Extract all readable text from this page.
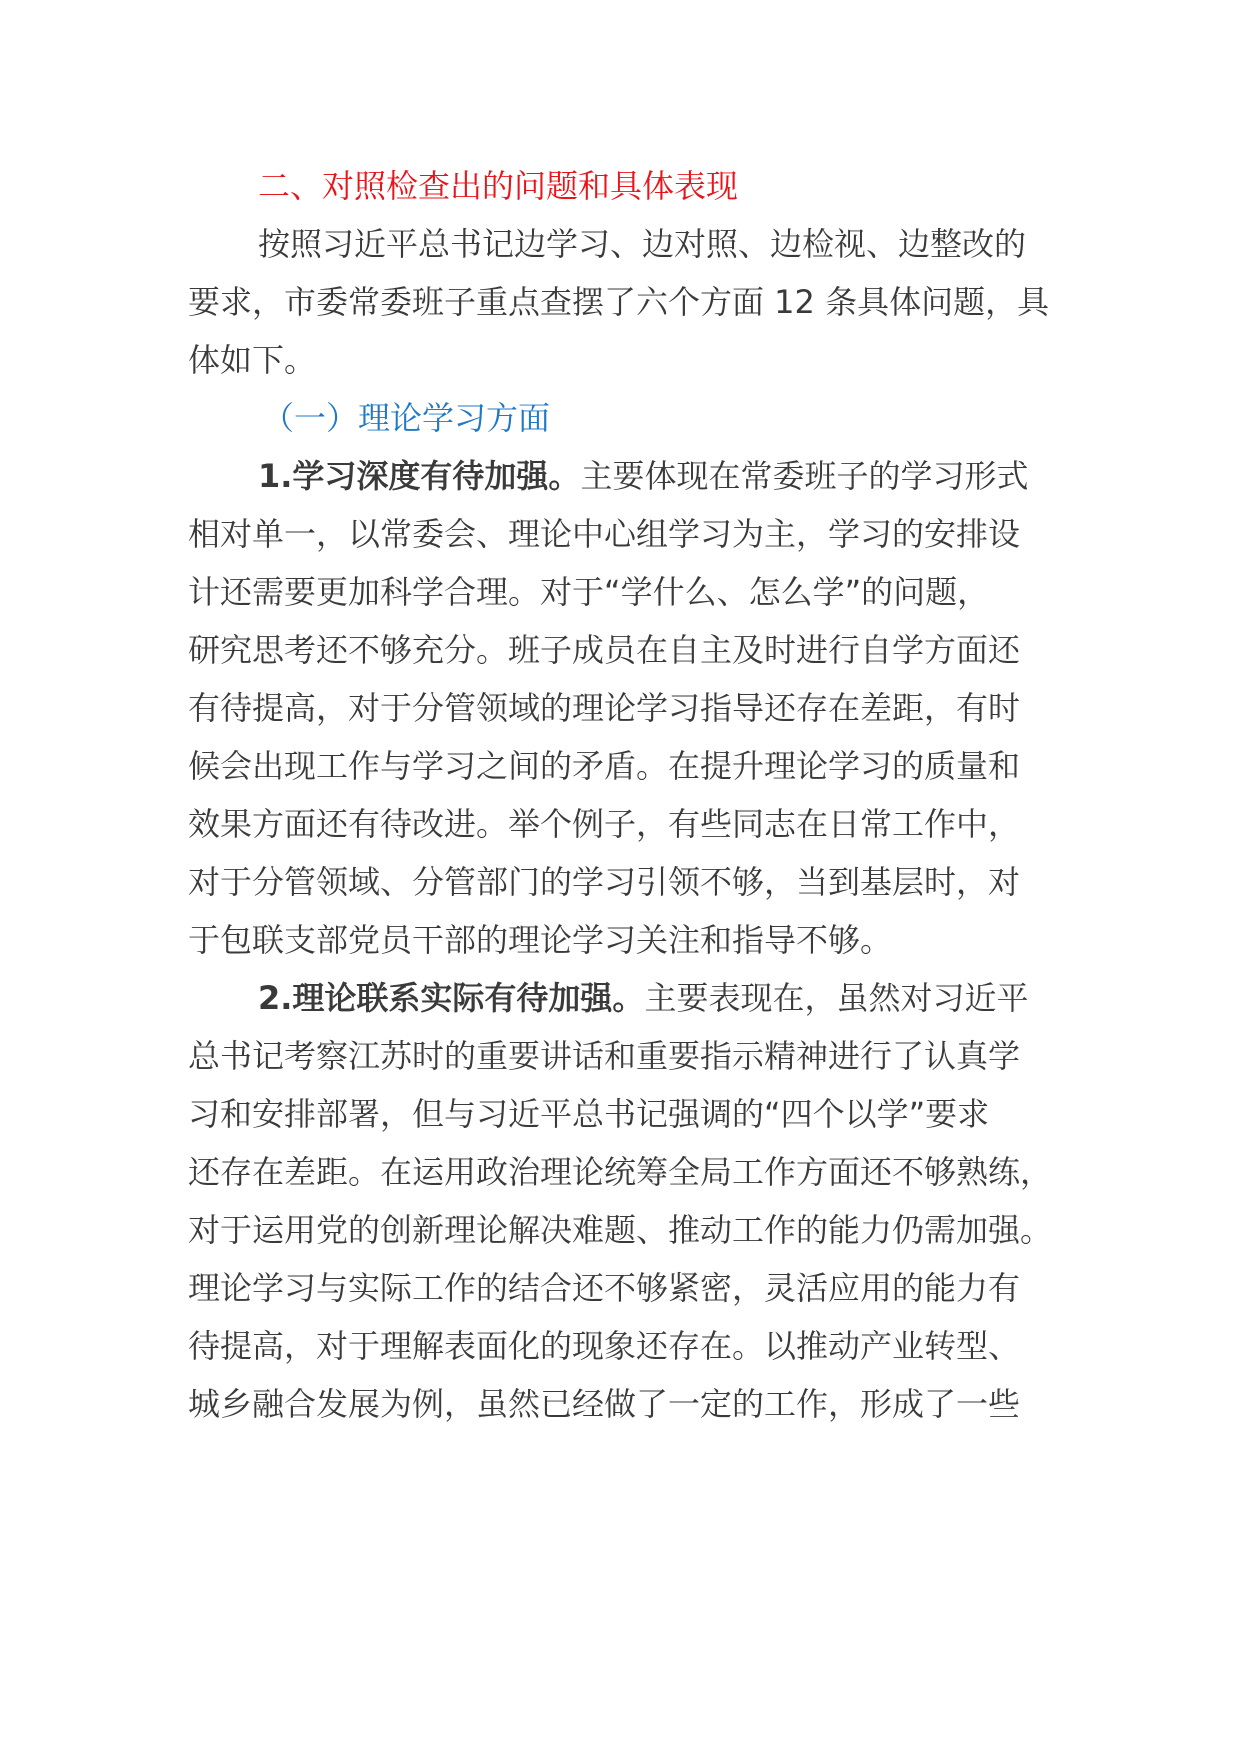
二、对照检查出的问题和具体表现
按照习近平总书记边学习、边对照、边检视、边整改的
要求，市委常委班子重点查摆了六个方面 12 条具体问题，具
体如下。
（一）理论学习方面
1.学习深度有待加强。主要体现在常委班子的学习形式
相对单一，以常委会、理论中心组学习为主，学习的安排设
计还需要更加科学合理。对于“学什么、怎么学”的问题，
研究思考还不够充分。班子成员在自主及时进行自学方面还
有待提高，对于分管领域的理论学习指导还存在差距，有时
候会出现工作与学习之间的矛盾。在提升理论学习的质量和
效果方面还有待改进。举个例子，有些同志在日常工作中，
对于分管领域、分管部门的学习引领不够，当到基层时，对
于包联支部党员干部的理论学习关注和指导不够。
2.理论联系实际有待加强。主要表现在，虽然对习近平
总书记考察江苏时的重要讲话和重要指示精神进行了认真学
习和安排部署，但与习近平总书记强调的“四个以学”要求
还存在差距。在运用政治理论统筹全局工作方面还不够熟练，
对于运用党的创新理论解决难题、推动工作的能力仍需加强。
理论学习与实际工作的结合还不够紧密，灵活应用的能力有
待提高，对于理解表面化的现象还存在。以推动产业转型、
城乡融合发展为例，虽然已经做了一定的工作，形成了一些
